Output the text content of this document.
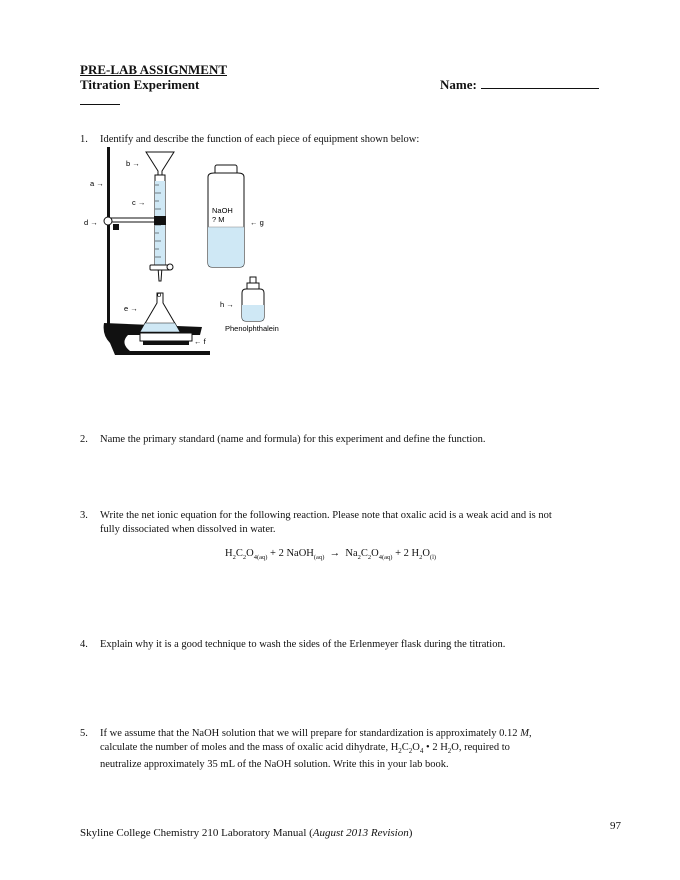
PRE-LAB ASSIGNMENT
Titration Experiment	Name:
1. Identify and describe the function of each piece of equipment shown below:
o
NaOH
? M
Phenolphthalein
a →
b →
c →
d →
e →
← f
← g
h →
2. Name the primary standard (name and formula) for this experiment and define the function.
3. Write the net ionic equation for the following reaction. Please note that oxalic acid is a weak acid and is not
fully dissociated when dissolved in water.
$H_2C_2O_{4(aq)} + 2$ NaOH$_{(aq)}$ → $Na_2C_2O_{4(aq)} + 2$ $H_2O_{(l)}$
4. Explain why it is a good technique to wash the sides of the Erlenmeyer flask during the titration.
5. If we assume that the NaOH solution that we will prepare for standardization is approximately 0.12 M,
calculate the number of moles and the mass of oxalic acid dihydrate, $H_2C_2O_4$ • 2 $H_2O$, required to
neutralize approximately 35 mL of the NaOH solution. Write this in your lab book.
97
Skyline College Chemistry 210 Laboratory Manual (August 2013 Revision)
